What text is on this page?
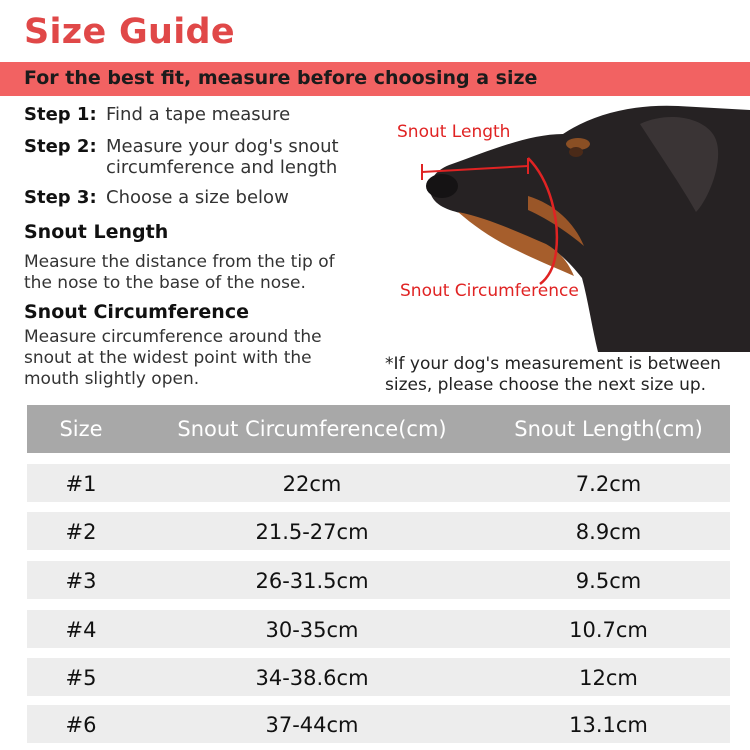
Size Guide
For the best fit, measure before choosing a size
Step 1: Find a tape measure
Step 2: Measure your dog's snout
circumference and length
Step 3: Choose a size below
Snout Length
Measure the distance from the tip of the nose to the base of the nose.
Snout Circumference
Measure circumference around the snout at the widest point with the mouth slightly open.
Snout Length
Snout Circumference
*If your dog's measurement is between sizes, please choose the next size up.
Size	Snout Circumference(cm)	Snout Length(cm)
#1	22cm	7.2cm
#2	21.5-27cm	8.9cm
#3	26-31.5cm	9.5cm
#4	30-35cm	10.7cm
#5	34-38.6cm	12cm
#6	37-44cm	13.1cm
